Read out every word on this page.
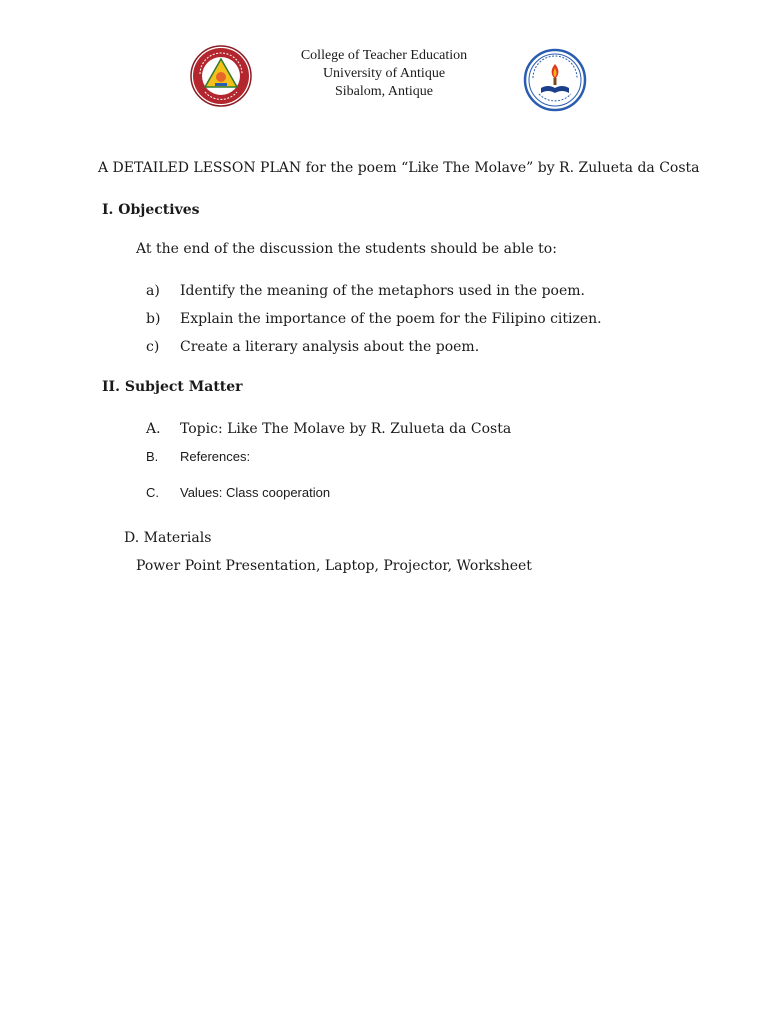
College of Teacher Education
University of Antique
Sibalom, Antique
A DETAILED LESSON PLAN for the poem “Like The Molave” by R. Zulueta da Costa
I. Objectives
At the end of the discussion the students should be able to:
a) Identify the meaning of the metaphors used in the poem.
b) Explain the importance of the poem for the Filipino citizen.
c) Create a literary analysis about the poem.
II. Subject Matter
A. Topic: Like The Molave by R. Zulueta da Costa
B. References:
C. Values: Class cooperation
D. Materials
Power Point Presentation, Laptop, Projector, Worksheet
